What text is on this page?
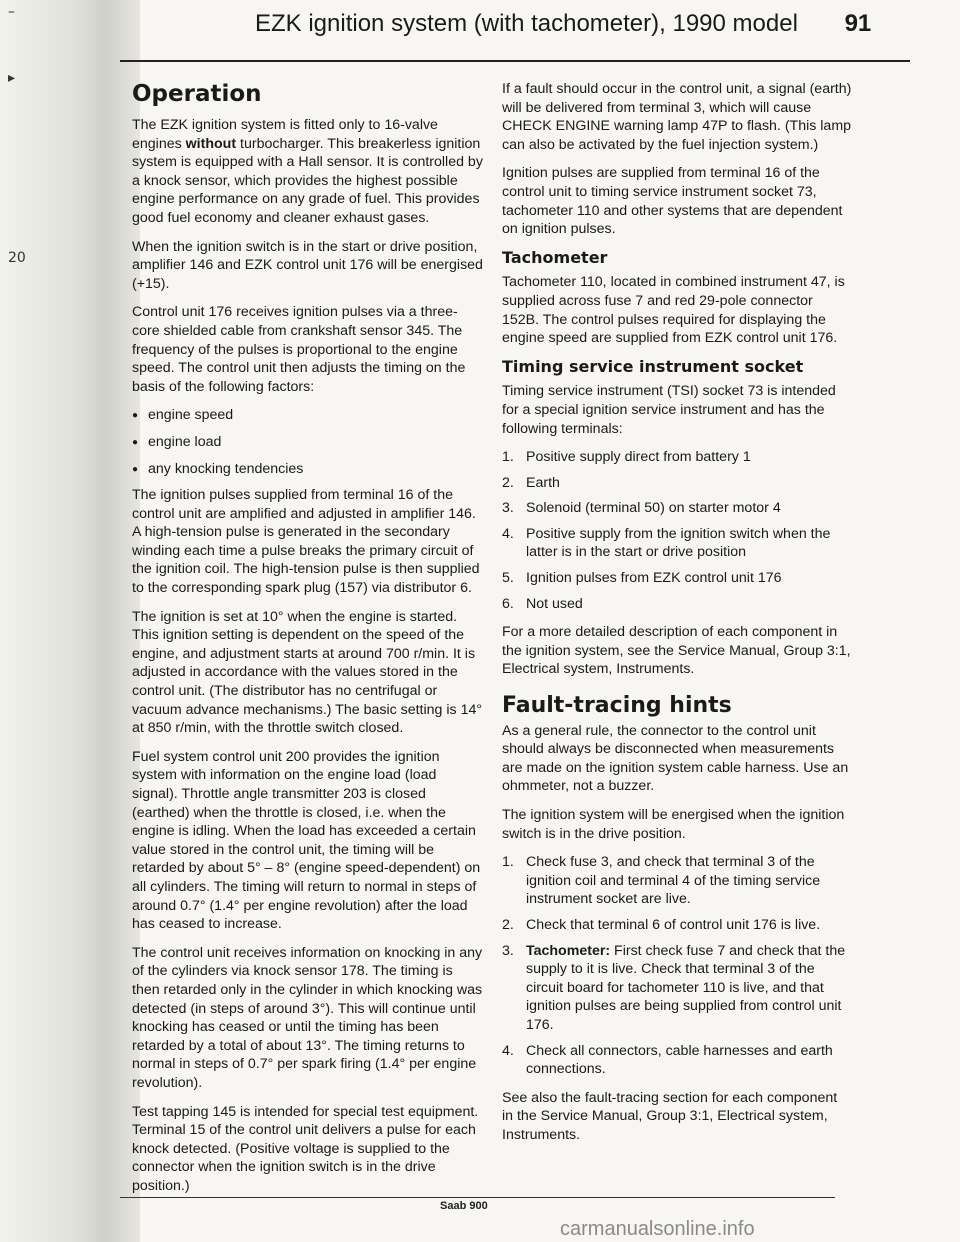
–
▸
20
EZK ignition system (with tachometer), 1990 model 91
Operation

The EZK ignition system is fitted only to 16-valve engines without turbocharger. This breakerless ignition system is equipped with a Hall sensor. It is controlled by a knock sensor, which provides the highest possible engine performance on any grade of fuel. This provides good fuel economy and cleaner exhaust gases.

When the ignition switch is in the start or drive position, amplifier 146 and EZK control unit 176 will be energised (+15).

Control unit 176 receives ignition pulses via a three-core shielded cable from crankshaft sensor 345. The frequency of the pulses is proportional to the engine speed. The control unit then adjusts the timing on the basis of the following factors:

● engine speed
● engine load
● any knocking tendencies

The ignition pulses supplied from terminal 16 of the control unit are amplified and adjusted in amplifier 146. A high-tension pulse is generated in the secondary winding each time a pulse breaks the primary circuit of the ignition coil. The high-tension pulse is then supplied to the corresponding spark plug (157) via distributor 6.

The ignition is set at 10° when the engine is started. This ignition setting is dependent on the speed of the engine, and adjustment starts at around 700 r/min. It is adjusted in accordance with the values stored in the control unit. (The distributor has no centrifugal or vacuum advance mechanisms.) The basic setting is 14° at 850 r/min, with the throttle switch closed.

Fuel system control unit 200 provides the ignition system with information on the engine load (load signal). Throttle angle transmitter 203 is closed (earthed) when the throttle is closed, i.e. when the engine is idling. When the load has exceeded a certain value stored in the control unit, the timing will be retarded by about 5° – 8° (engine speed-dependent) on all cylinders. The timing will return to normal in steps of around 0.7° (1.4° per engine revolution) after the load has ceased to increase.

The control unit receives information on knocking in any of the cylinders via knock sensor 178. The timing is then retarded only in the cylinder in which knocking was detected (in steps of around 3°). This will continue until knocking has ceased or until the timing has been retarded by a total of about 13°. The timing returns to normal in steps of 0.7° per spark firing (1.4° per engine revolution).

Test tapping 145 is intended for special test equipment. Terminal 15 of the control unit delivers a pulse for each knock detected. (Positive voltage is supplied to the connector when the ignition switch is in the drive position.)

If a fault should occur in the control unit, a signal (earth) will be delivered from terminal 3, which will cause CHECK ENGINE warning lamp 47P to flash. (This lamp can also be activated by the fuel injection system.)

Ignition pulses are supplied from terminal 16 of the control unit to timing service instrument socket 73, tachometer 110 and other systems that are dependent on ignition pulses.

Tachometer

Tachometer 110, located in combined instrument 47, is supplied across fuse 7 and red 29-pole connector 152B. The control pulses required for displaying the engine speed are supplied from EZK control unit 176.

Timing service instrument socket

Timing service instrument (TSI) socket 73 is intended for a special ignition service instrument and has the following terminals:

1. Positive supply direct from battery 1
2. Earth
3. Solenoid (terminal 50) on starter motor 4
4. Positive supply from the ignition switch when the latter is in the start or drive position
5. Ignition pulses from EZK control unit 176
6. Not used

For a more detailed description of each component in the ignition system, see the Service Manual, Group 3:1, Electrical system, Instruments.

Fault-tracing hints

As a general rule, the connector to the control unit should always be disconnected when measurements are made on the ignition system cable harness. Use an ohmmeter, not a buzzer.

The ignition system will be energised when the ignition switch is in the drive position.

1. Check fuse 3, and check that terminal 3 of the ignition coil and terminal 4 of the timing service instrument socket are live.
2. Check that terminal 6 of control unit 176 is live.
3. Tachometer: First check fuse 7 and check that the supply to it is live. Check that terminal 3 of the circuit board for tachometer 110 is live, and that ignition pulses are being supplied from control unit 176.
4. Check all connectors, cable harnesses and earth connections.

See also the fault-tracing section for each component in the Service Manual, Group 3:1, Electrical system, Instruments.

Saab 900
carmanualsonline.info
